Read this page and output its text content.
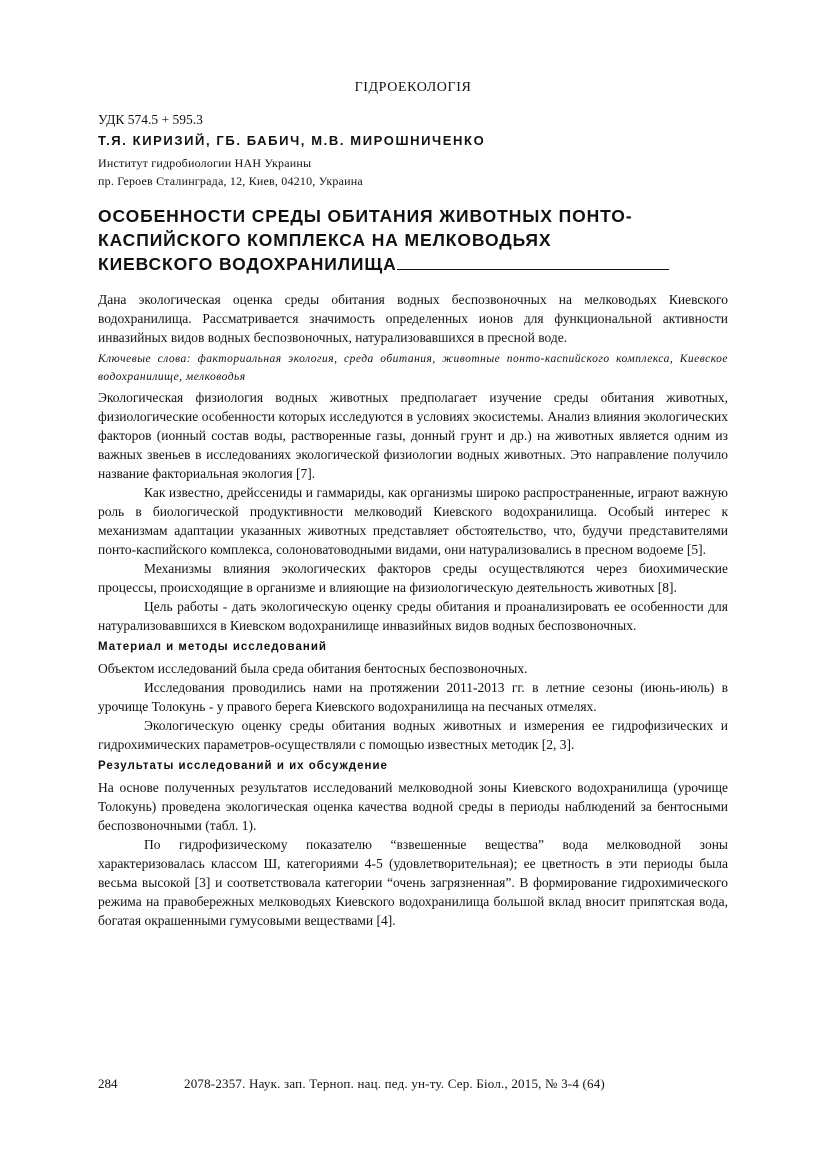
ГІДРОЕКОЛОГІЯ
УДК 574.5 + 595.3
Т.Я. КИРИЗИЙ, ГБ. БАБИЧ, М.В. МИРОШНИЧЕНКО
Институт гидробиологии НАН Украины
пр. Героев Сталинграда, 12, Киев, 04210, Украина
ОСОБЕННОСТИ СРЕДЫ ОБИТАНИЯ ЖИВОТНЫХ ПОНТО-
КАСПИЙСКОГО КОМПЛЕКСА НА МЕЛКОВОДЬЯХ
КИЕВСКОГО ВОДОХРАНИЛИЩА
Дана экологическая оценка среды обитания водных беспозвоночных на мелководьях Киевского водохранилища. Рассматривается значимость определенных ионов для функциональной активности инвазийных видов водных беспозвоночных, натурализовавшихся в пресной воде.
Ключевые слова: факториальная экология, среда обитания, животные понто-каспийского комплекса, Киевское водохранилище, мелководья

Экологическая физиология водных животных предполагает изучение среды обитания животных, физиологические особенности которых исследуются в условиях экосистемы. Анализ влияния экологических факторов (ионный состав воды, растворенные газы, донный грунт и др.) на животных является одним из важных звеньев в исследованиях экологической физиологии водных животных. Это направление получило название факториальная экология [7].

Как известно, дрейссениды и гаммариды, как организмы широко распространенные, играют важную роль в биологической продуктивности мелководий Киевского водохранилища. Особый интерес к механизмам адаптации указанных животных представляет обстоятельство, что, будучи представителями понто-каспийского комплекса, солоноватоводными видами, они натурализовались в пресном водоеме [5].

Механизмы влияния экологических факторов среды осуществляются через биохимические процессы, происходящие в организме и влияющие на физиологическую деятельность животных [8].

Цель работы - дать экологическую оценку среды обитания и проанализировать ее особенности для натурализовавшихся в Киевском водохранилище инвазийных видов водных беспозвоночных.

Материал и методы исследований

Объектом исследований была среда обитания бентосных беспозвоночных.

Исследования проводились нами на протяжении 2011-2013 гг. в летние сезоны (июнь-июль) в урочище Толокунь - у правого берега Киевского водохранилища на песчаных отмелях.

Экологическую оценку среды обитания водных животных и измерения ее гидрофизических и гидрохимических параметров-осуществляли с помощью известных методик [2, 3].

Результаты исследований и их обсуждение

На основе полученных результатов исследований мелководной зоны Киевского водохранилища (урочище Толокунь) проведена экологическая оценка качества водной среды в периоды наблюдений за бентосными беспозвоночными (табл. 1).

По гидрофизическому показателю “взвешенные вещества” вода мелководной зоны характеризовалась классом Ш, категориями 4-5 (удовлетворительная); ее цветность в эти периоды была весьма высокой [3] и соответствовала категории “очень загрязненная”. В формирование гидрохимического режима на правобережных мелководьях Киевского водохранилища большой вклад вносит припятская вода, богатая окрашенными гумусовыми веществами [4].

284	2078-2357. Наук. зап. Терноп. нац. пед. ун-ту. Сер. Біол., 2015, № 3-4 (64)
